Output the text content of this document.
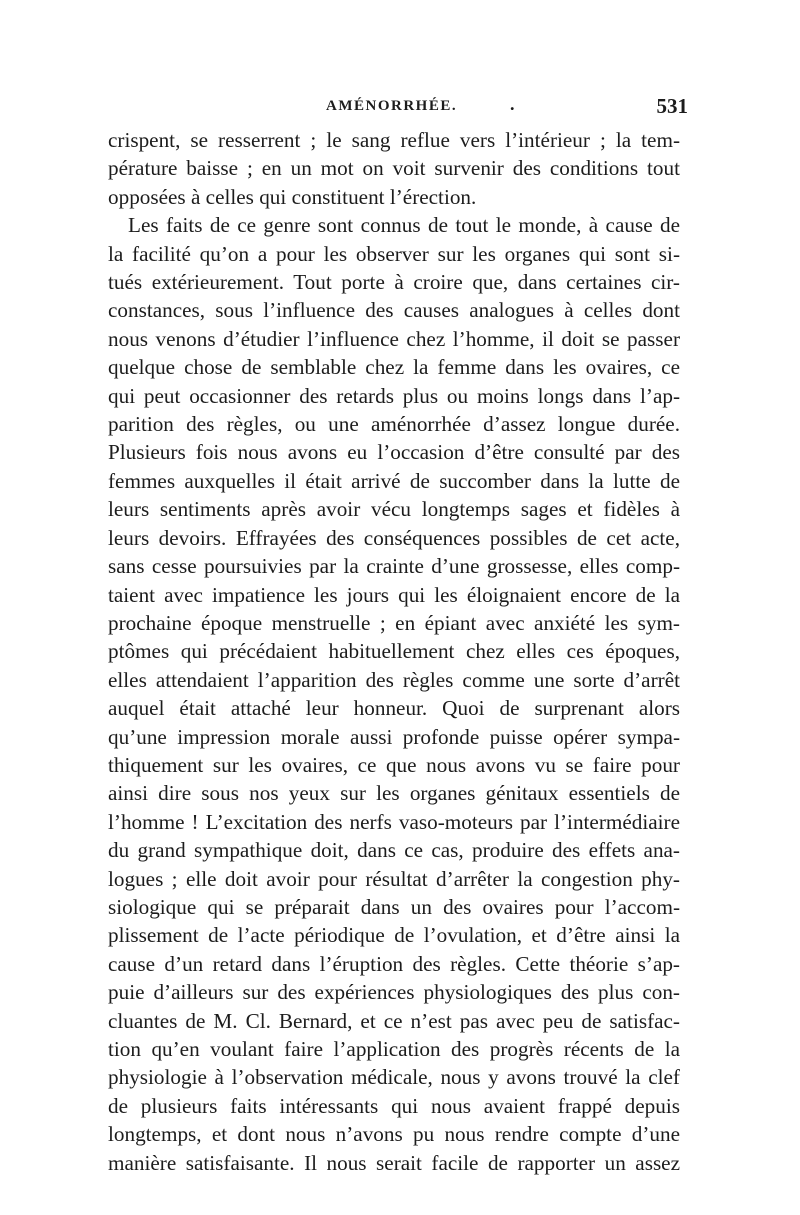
AMÉNORRHÉE.	.	531
crispent, se resserrent ; le sang reflue vers l’intérieur ; la tem-
pérature baisse ; en un mot on voit survenir des conditions tout
opposées à celles qui constituent l’érection.
Les faits de ce genre sont connus de tout le monde, à cause de
la facilité qu’on a pour les observer sur les organes qui sont si-
tués extérieurement. Tout porte à croire que, dans certaines cir-
constances, sous l’influence des causes analogues à celles dont
nous venons d’étudier l’influence chez l’homme, il doit se passer
quelque chose de semblable chez la femme dans les ovaires, ce
qui peut occasionner des retards plus ou moins longs dans l’ap-
parition des règles, ou une aménorrhée d’assez longue durée.
Plusieurs fois nous avons eu l’occasion d’être consulté par des
femmes auxquelles il était arrivé de succomber dans la lutte de
leurs sentiments après avoir vécu longtemps sages et fidèles à
leurs devoirs. Effrayées des conséquences possibles de cet acte,
sans cesse poursuivies par la crainte d’une grossesse, elles comp-
taient avec impatience les jours qui les éloignaient encore de la
prochaine époque menstruelle ; en épiant avec anxiété les sym-
ptômes qui précédaient habituellement chez elles ces époques,
elles attendaient l’apparition des règles comme une sorte d’arrêt
auquel était attaché leur honneur. Quoi de surprenant alors
qu’une impression morale aussi profonde puisse opérer sympa-
thiquement sur les ovaires, ce que nous avons vu se faire pour
ainsi dire sous nos yeux sur les organes génitaux essentiels de
l’homme ! L’excitation des nerfs vaso-moteurs par l’intermédiaire
du grand sympathique doit, dans ce cas, produire des effets ana-
logues ; elle doit avoir pour résultat d’arrêter la congestion phy-
siologique qui se préparait dans un des ovaires pour l’accom-
plissement de l’acte périodique de l’ovulation, et d’être ainsi la
cause d’un retard dans l’éruption des règles. Cette théorie s’ap-
puie d’ailleurs sur des expériences physiologiques des plus con-
cluantes de M. Cl. Bernard, et ce n’est pas avec peu de satisfac-
tion qu’en voulant faire l’application des progrès récents de la
physiologie à l’observation médicale, nous y avons trouvé la clef
de plusieurs faits intéressants qui nous avaient frappé depuis
longtemps, et dont nous n’avons pu nous rendre compte d’une
manière satisfaisante. Il nous serait facile de rapporter un assez
